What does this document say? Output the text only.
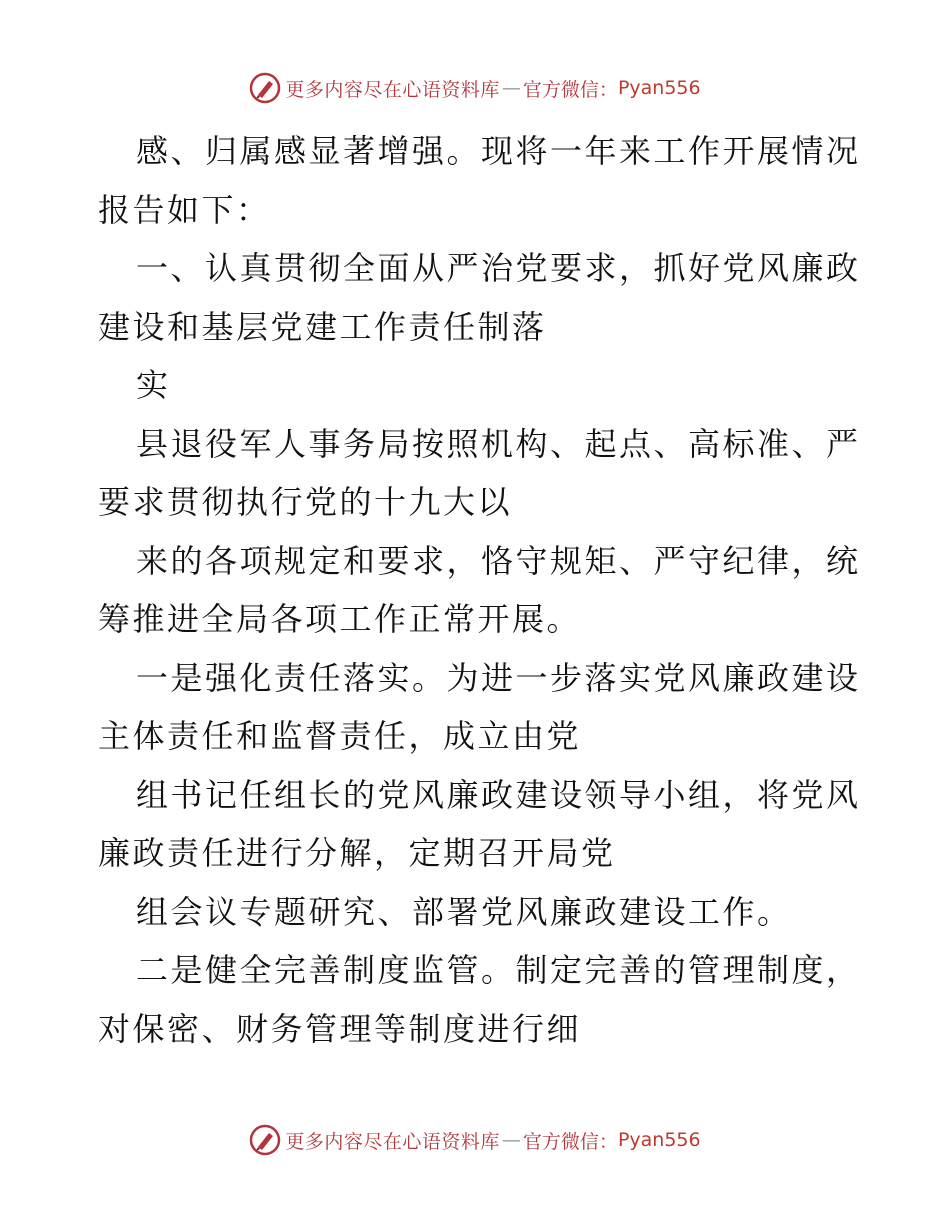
更多内容尽在心语资料库 — 官方微信： Pyan556
感、归属感显著增强。现将一年来工作开展情况
报告如下：
一、认真贯彻全面从严治党要求，抓好党风廉政
建设和基层党建工作责任制落
实
县退役军人事务局按照机构、起点、高标准、严
要求贯彻执行党的十九大以
来的各项规定和要求，恪守规矩、严守纪律，统
筹推进全局各项工作正常开展。
一是强化责任落实。为进一步落实党风廉政建设
主体责任和监督责任，成立由党
组书记任组长的党风廉政建设领导小组，将党风
廉政责任进行分解，定期召开局党
组会议专题研究、部署党风廉政建设工作。
二是健全完善制度监管。制定完善的管理制度，
对保密、财务管理等制度进行细
更多内容尽在心语资料库 — 官方微信： Pyan556
